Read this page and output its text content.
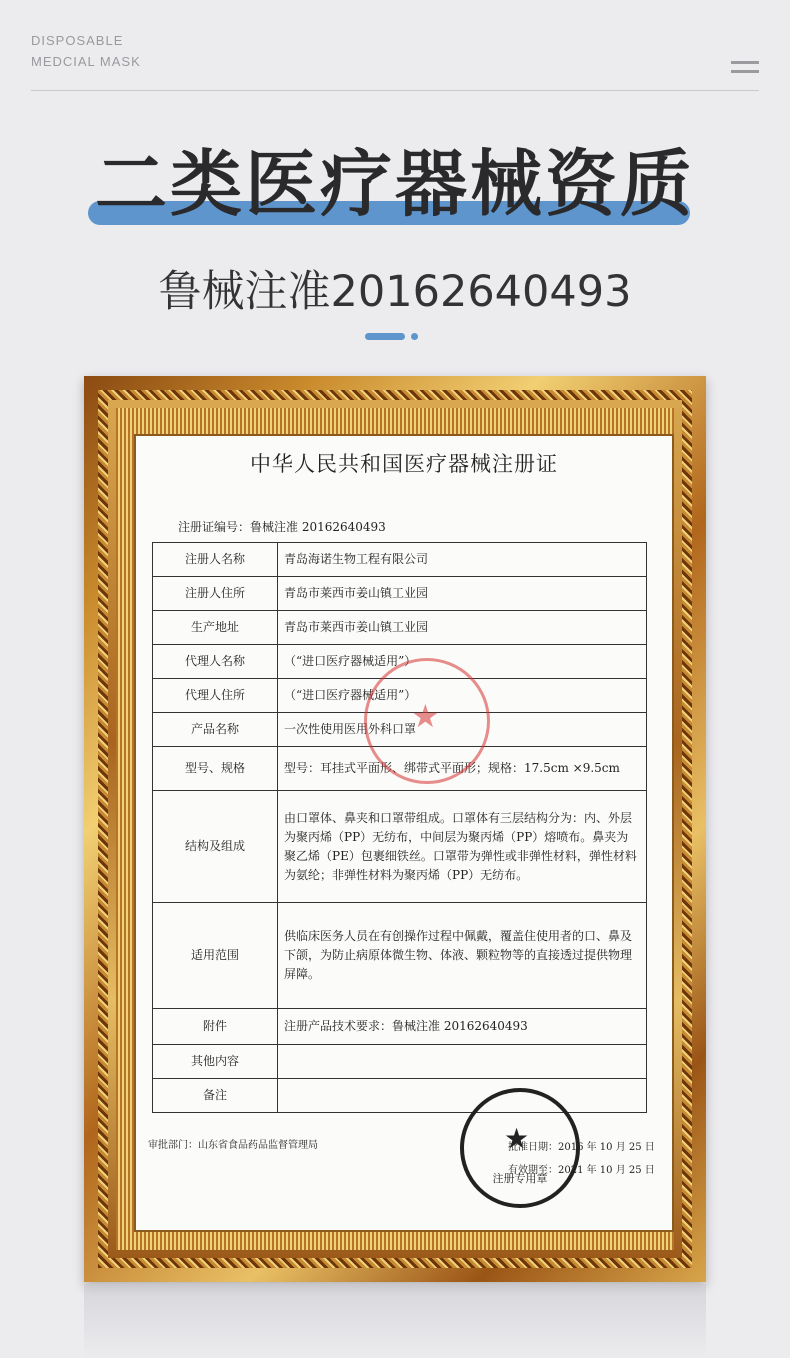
DISPOSABLE
MEDCIAL MASK
二类医疗器械资质
鲁械注准20162640493
中华人民共和国医疗器械注册证
注册证编号：鲁械注准 20162640493
注册人名称	青岛海诺生物工程有限公司
注册人住所	青岛市莱西市姜山镇工业园
生产地址	青岛市莱西市姜山镇工业园
代理人名称	（“进口医疗器械适用”）
代理人住所	（“进口医疗器械适用”）
产品名称	一次性使用医用外科口罩
型号、规格	型号：耳挂式平面形、绑带式平面形；规格：17.5cm ×9.5cm
结构及组成	由口罩体、鼻夹和口罩带组成。口罩体有三层结构分为：内、外层为聚丙烯（PP）无纺布，中间层为聚丙烯（PP）熔喷布。鼻夹为聚乙烯（PE）包裹细铁丝。口罩带为弹性或非弹性材料，弹性材料为氨纶；非弹性材料为聚丙烯（PP）无纺布。
适用范围	供临床医务人员在有创操作过程中佩戴，覆盖住使用者的口、鼻及下颌，为防止病原体微生物、体液、颗粒物等的直接透过提供物理屏障。
附件	注册产品技术要求：鲁械注准 20162640493
其他内容	
备注	
★
审批部门：山东省食品药品监督管理局	批准日期：2016 年 10 月 25 日
有效期至：2021 年 10 月 25 日
注册专用章
★
